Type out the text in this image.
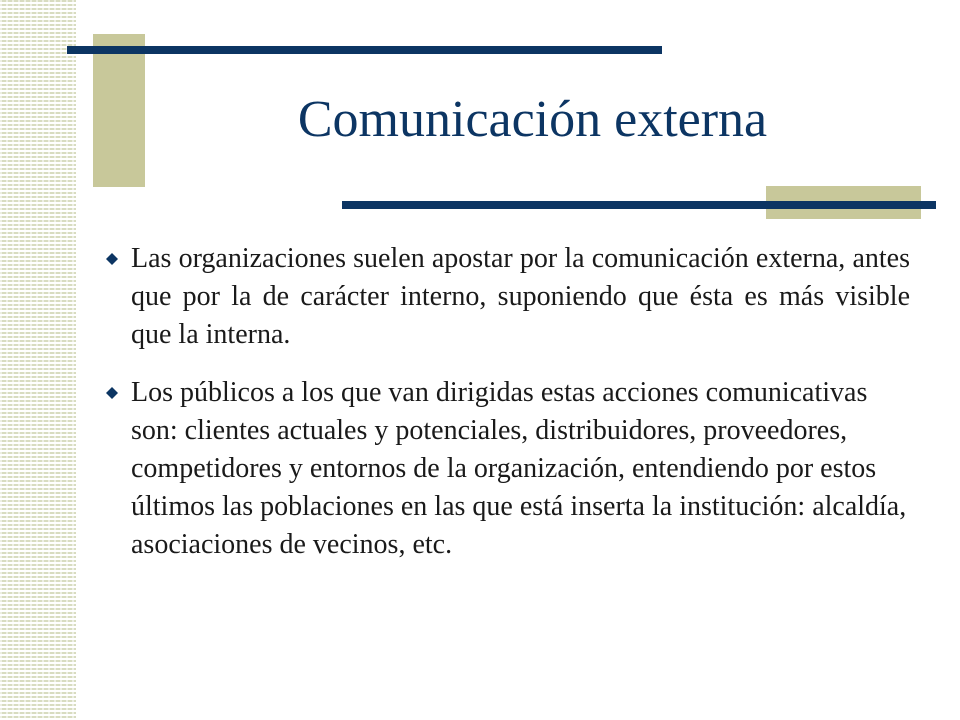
Comunicación externa
Las organizaciones suelen apostar por la comunicación externa, antes que por la de carácter interno, suponiendo que ésta es más visible que la interna.
Los públicos a los que van dirigidas estas acciones comunicativas son: clientes actuales y potenciales, distribuidores, proveedores, competidores y entornos de la organización, entendiendo por estos últimos las poblaciones en las que está inserta la institución: alcaldía, asociaciones de vecinos, etc.
